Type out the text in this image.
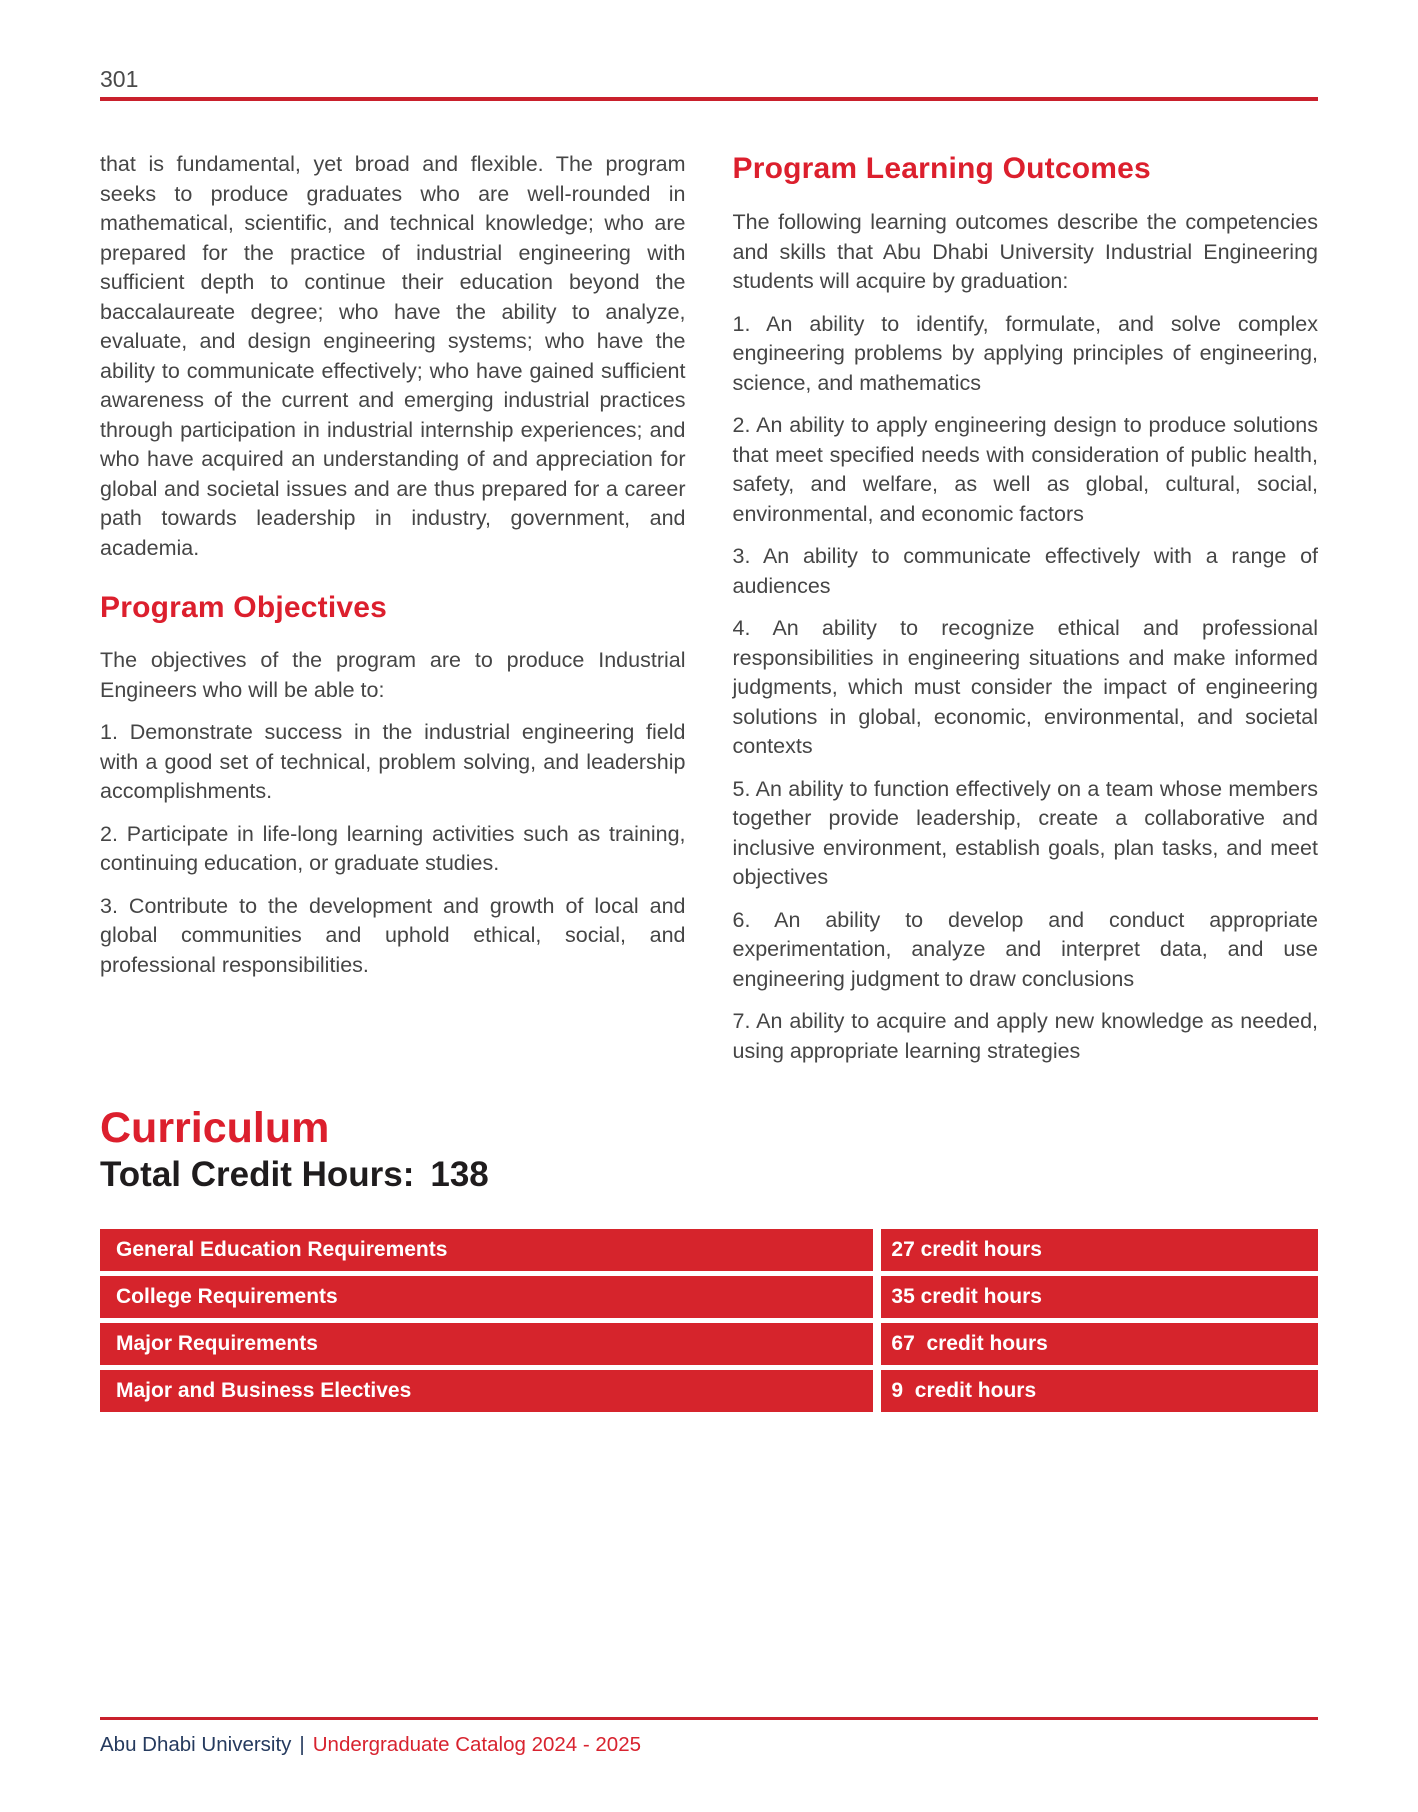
301

that is fundamental, yet broad and flexible. The program seeks to produce graduates who are well-rounded in mathematical, scientific, and technical knowledge; who are prepared for the practice of industrial engineering with sufficient depth to continue their education beyond the baccalaureate degree; who have the ability to analyze, evaluate, and design engineering systems; who have the ability to communicate effectively; who have gained sufficient awareness of the current and emerging industrial practices through participation in industrial internship experiences; and who have acquired an understanding of and appreciation for global and societal issues and are thus prepared for a career path towards leadership in industry, government, and academia.

Program Objectives

The objectives of the program are to produce Industrial Engineers who will be able to:

1. Demonstrate success in the industrial engineering field with a good set of technical, problem solving, and leadership accomplishments.

2. Participate in life-long learning activities such as training, continuing education, or graduate studies.

3. Contribute to the development and growth of local and global communities and uphold ethical, social, and professional responsibilities.

Program Learning Outcomes

The following learning outcomes describe the competencies and skills that Abu Dhabi University Industrial Engineering students will acquire by graduation:

1. An ability to identify, formulate, and solve complex engineering problems by applying principles of engineering, science, and mathematics

2. An ability to apply engineering design to produce solutions that meet specified needs with consideration of public health, safety, and welfare, as well as global, cultural, social, environmental, and economic factors

3. An ability to communicate effectively with a range of audiences

4. An ability to recognize ethical and professional responsibilities in engineering situations and make informed judgments, which must consider the impact of engineering solutions in global, economic, environmental, and societal contexts

5. An ability to function effectively on a team whose members together provide leadership, create a collaborative and inclusive environment, establish goals, plan tasks, and meet objectives

6. An ability to develop and conduct appropriate experimentation, analyze and interpret data, and use engineering judgment to draw conclusions

7. An ability to acquire and apply new knowledge as needed, using appropriate learning strategies

Curriculum
Total Credit Hours: 138
General Education Requirements	27 credit hours
College Requirements	35 credit hours
Major Requirements	67  credit hours
Major and Business Electives	9  credit hours

Abu Dhabi University | Undergraduate Catalog 2024 - 2025
